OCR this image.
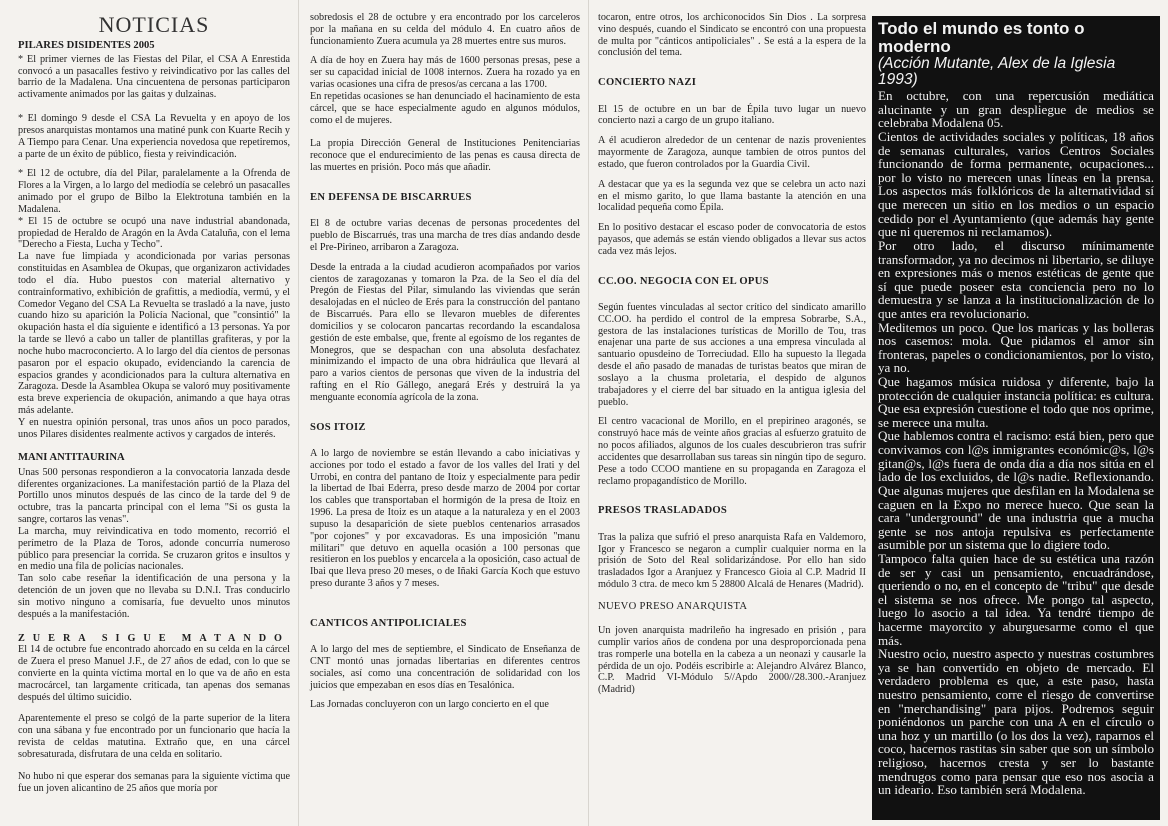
NOTICIAS
PILARES DISIDENTES 2005

* El primer viernes de las Fiestas del Pilar, el CSA A Enrestida convocó a un pasacalles festivo y reivindicativo por las calles del barrio de la Madalena. Una cincuentena de personas participaron activamente animados por las gaitas y dulzainas.

* El domingo 9 desde el CSA La Revuelta y en apoyo de los presos anarquistas montamos una matiné punk con Kuarte Recih y A Tiempo para Cenar. Una experiencia novedosa que repetiremos, a parte de un éxito de público, fiesta y reivindicación.

* El 12 de octubre, día del Pilar, paralelamente a la Ofrenda de Flores a la Virgen, a lo largo del mediodía se celebró un pasacalles animado por el grupo de Bilbo la Elektrotuna también en la Madalena.

* El 15 de octubre se ocupó una nave industrial abandonada, propiedad de Heraldo de Aragón en la Avda Cataluña, con el lema "Derecho a Fiesta, Lucha y Techo".

La nave fue limpiada y acondicionada por varias personas constituidas en Asamblea de Okupas, que organizaron actividades todo el día. Hubo puestos con material alternativo y contrainformativo, exhibición de grafittis, a mediodía, vermú, y el Comedor Vegano del CSA La Revuelta se trasladó a la nave, justo cuando hizo su aparición la Policía Nacional, que "consintió" la okupación hasta el día siguiente e identificó a 13 personas. Ya por la tarde se llevó a cabo un taller de plantillas grafiteras, y por la noche hubo macroconcierto. A lo largo del día cientos de personas pasaron por el espacio okupado, evidenciando la carencia de espacios grandes y acondicionados para la cultura alternativa en Zaragoza. Desde la Asamblea Okupa se valoró muy positivamente esta breve experiencia de okupación, animando a que haya otras más adelante.

Y en nuestra opinión personal, tras unos años un poco parados, unos Pilares disidentes realmente activos y cargados de interés.

MANI ANTITAURINA

Unas 500 personas respondieron a la convocatoria lanzada desde diferentes organizaciones. La manifestación partió de la Plaza del Portillo unos minutos después de las cinco de la tarde del 9 de octubre, tras la pancarta principal con el lema "Si os gusta la sangre, cortaros las venas".

La marcha, muy reivindicativa en todo momento, recorrió el perímetro de la Plaza de Toros, adonde concurría numeroso público para presenciar la corrida. Se cruzaron gritos e insultos y en medio una fila de policías nacionales.

Tan solo cabe reseñar la identificación de una persona y la detención de un joven que no llevaba su D.N.I. Tras conducirlo sin motivo ninguno a comisaría, fue devuelto unos minutos después a la manifestación.

ZUERA SIGUE MATANDO

El 14 de octubre fue encontrado ahorcado en su celda en la cárcel de Zuera el preso Manuel J.F., de 27 años de edad, con lo que se convierte en la quinta víctima mortal en lo que va de año en esta macrocárcel, tan largamente criticada, tan apenas dos semanas después del último suicidio.

Aparentemente el preso se colgó de la parte superior de la litera con una sábana y fue encontrado por un funcionario que hacía la revista de celdas matutina. Extraño que, en una cárcel sobresaturada, disfrutara de una celda en solitario.

No hubo ni que esperar dos semanas para la siguiente víctima que fue un joven alicantino de 25 años que moría por

sobredosis el 28 de octubre y era encontrado por los carceleros por la mañana en su celda del módulo 4. En cuatro años de funcionamiento Zuera acumula ya 28 muertes entre sus muros.

A día de hoy en Zuera hay más de 1600 personas presas, pese a ser su capacidad inicial de 1008 internos. Zuera ha rozado ya en varias ocasiones una cifra de presos/as cercana a las 1700.

En repetidas ocasiones se han denunciado el hacinamiento de esta cárcel, que se hace especialmente agudo en algunos módulos, como el de mujeres.

La propia Dirección General de Instituciones Penitenciarias reconoce que el endurecimiento de las penas es causa directa de las muertes en prisión. Poco más que añadir.

EN DEFENSA DE BISCARRUES

El 8 de octubre varias decenas de personas procedentes del pueblo de Biscarrués, tras una marcha de tres días andando desde el Pre-Pirineo, arribaron a Zaragoza.

Desde la entrada a la ciudad acudieron acompañados por varios cientos de zaragozanas y tomaron la Pza. de la Seo el día del Pregón de Fiestas del Pilar, simulando las viviendas que serán desalojadas en el núcleo de Erés para la construcción del pantano de Biscarrués. Para ello se llevaron muebles de diferentes domicilios y se colocaron pancartas recordando la escandalosa gestión de este embalse, que, frente al egoísmo de los regantes de Monegros, que se despachan con una absoluta desfachatez minimizando el impacto de una obra hidráulica que llevará al paro a varios cientos de personas que viven de la industria del rafting en el Río Gállego, anegará Erés y destruirá la ya menguante economía agrícola de la zona.

SOS ITOIZ

A lo largo de noviembre se están llevando a cabo iniciativas y acciones por todo el estado a favor de los valles del Irati y del Urrobi, en contra del pantano de Itoiz y especialmente para pedir la libertad de Ibai Ederra, preso desde marzo de 2004 por cortar los cables que transportaban el hormigón de la presa de Itoiz en 1996. La presa de Itoiz es un ataque a la naturaleza y en el 2003 supuso la desaparición de siete pueblos centenarios arrasados "por cojones" y por excavadoras. Es una imposición "manu militari" que detuvo en aquella ocasión a 100 personas que resitieron en los pueblos y encarcela a la oposición, caso actual de Ibai que lleva preso 20 meses, o de Iñaki García Koch que estuvo preso durante 3 años y 7 meses.

CANTICOS ANTIPOLICIALES

A lo largo del mes de septiembre, el Sindicato de Enseñanza de CNT montó unas jornadas libertarias en diferentes centros sociales, así como una concentración de solidaridad con los juicios que empezaban en esos días en Tesalónica.

Las Jornadas concluyeron con un largo concierto en el que

tocaron, entre otros, los archiconocidos Sin Dios . La sorpresa vino después, cuando el Sindicato se encontró con una propuesta de multa por "cánticos antipoliciales" . Se está a la espera de la conclusión del tema.

CONCIERTO NAZI

El 15 de octubre en un bar de Épila tuvo lugar un nuevo concierto nazi a cargo de un grupo italiano.

A él acudieron alrededor de un centenar de nazis provenientes mayormente de Zaragoza, aunque tambien de otros puntos del estado, que fueron controlados por la Guardia Civil.

A destacar que ya es la segunda vez que se celebra un acto nazi en el mismo garito, lo que llama bastante la atención en una localidad pequeña como Épila.

En lo positivo destacar el escaso poder de convocatoria de estos payasos, que además se están viendo obligados a llevar sus actos cada vez más lejos.

CC.OO. NEGOCIA CON EL OPUS

Según fuentes vinculadas al sector crítico del sindicato amarillo CC.OO. ha perdido el control de la empresa Sobrarbe, S.A., gestora de las instalaciones turísticas de Morillo de Tou, tras enajenar una parte de sus acciones a una empresa vinculada al santuario opusdeino de Torreciudad. Ello ha supuesto la llegada desde el año pasado de manadas de turistas beatos que miran de soslayo a la chusma proletaria, el despido de algunos trabajadores y el cierre del bar situado en la antigua iglesia del pueblo.

El centro vacacional de Morillo, en el prepirineo aragonés, se construyó hace más de veinte años gracias al esfuerzo gratuito de no pocos afiliados, algunos de los cuales descubrieron tras sufrir accidentes que desarrollaban sus tareas sin ningún tipo de seguro. Pese a todo CCOO mantiene en su propaganda en Zaragoza el reclamo propagandístico de Morillo.

PRESOS TRASLADADOS

Tras la paliza que sufrió el preso anarquista Rafa en Valdemoro, Igor y Francesco se negaron a cumplir cualquier norma en la prisión de Soto del Real solidarizándose. Por ello han sido trasladados Igor a Aranjuez y Francesco Gioia al C.P. Madrid II módulo 3 ctra. de meco km 5 28800 Alcalá de Henares (Madrid).

NUEVO PRESO ANARQUISTA

Un joven anarquista madrileño ha ingresado en prisión , para cumplir varios años de condena por una desproporcionada pena tras romperle una botella en la cabeza a un neonazi y causarle la pérdida de un ojo. Podéis escribirle a: Alejandro Alvárez Blanco, C.P. Madrid VI-Módulo 5//Apdo 2000//28.300.-Aranjuez (Madrid)

Todo el mundo es tonto o moderno
(Acción Mutante, Alex de la Iglesia 1993)

En octubre, con una repercusión mediática alucinante y un gran despliegue de medios se celebraba Modalena 05.

Cientos de actividades sociales y políticas, 18 años de semanas culturales, varios Centros Sociales funcionando de forma permanente, ocupaciones... por lo visto no merecen unas líneas en la prensa. Los aspectos más folklóricos de la alternatividad sí que merecen un sitio en los medios o un espacio cedido por el Ayuntamiento (que además hay gente que ni queremos ni reclamamos).

Por otro lado, el discurso mínimamente transformador, ya no decimos ni libertario, se diluye en expresiones más o menos estéticas de gente que sí que puede poseer esta conciencia pero no lo demuestra y se lanza a la institucionalización de lo que antes era revolucionario.

Meditemos un poco. Que los maricas y las bolleras nos casemos: mola. Que pidamos el amor sin fronteras, papeles o condicionamientos, por lo visto, ya no.

Que hagamos música ruidosa y diferente, bajo la protección de cualquier instancia política: es cultura. Que esa expresión cuestione el todo que nos oprime, se merece una multa.

Que hablemos contra el racismo: está bien, pero que convivamos con l@s inmigrantes económic@s, l@s gitan@s, l@s fuera de onda día a día nos sitúa en el lado de los excluidos, de l@s nadie. Reflexionando. Que algunas mujeres que desfilan en la Modalena se caguen en la Expo no merece hueco. Que sean la cara "underground" de una industria que a mucha gente se nos antoja repulsiva es perfectamente asumible por un sistema que lo digiere todo.

Tampoco falta quien hace de su estética una razón de ser y casi un pensamiento, encuadrándose, queriendo o no, en el concepto de "tribu" que desde el sistema se nos ofrece. Me pongo tal aspecto, luego lo asocio a tal idea. Ya tendré tiempo de hacerme mayorcito y aburguesarme como el que más.

Nuestro ocio, nuestro aspecto y nuestras costumbres ya se han convertido en objeto de mercado. El verdadero problema es que, a este paso, hasta nuestro pensamiento, corre el riesgo de convertirse en "merchandising" para pijos. Podremos seguir poniéndonos un parche con una A en el círculo o una hoz y un martillo (o los dos la vez), raparnos el coco, hacernos rastitas sin saber que son un símbolo religioso, hacernos cresta y ser lo bastante mendrugos como para pensar que eso nos asocia a un ideario. Eso también será Modalena.
